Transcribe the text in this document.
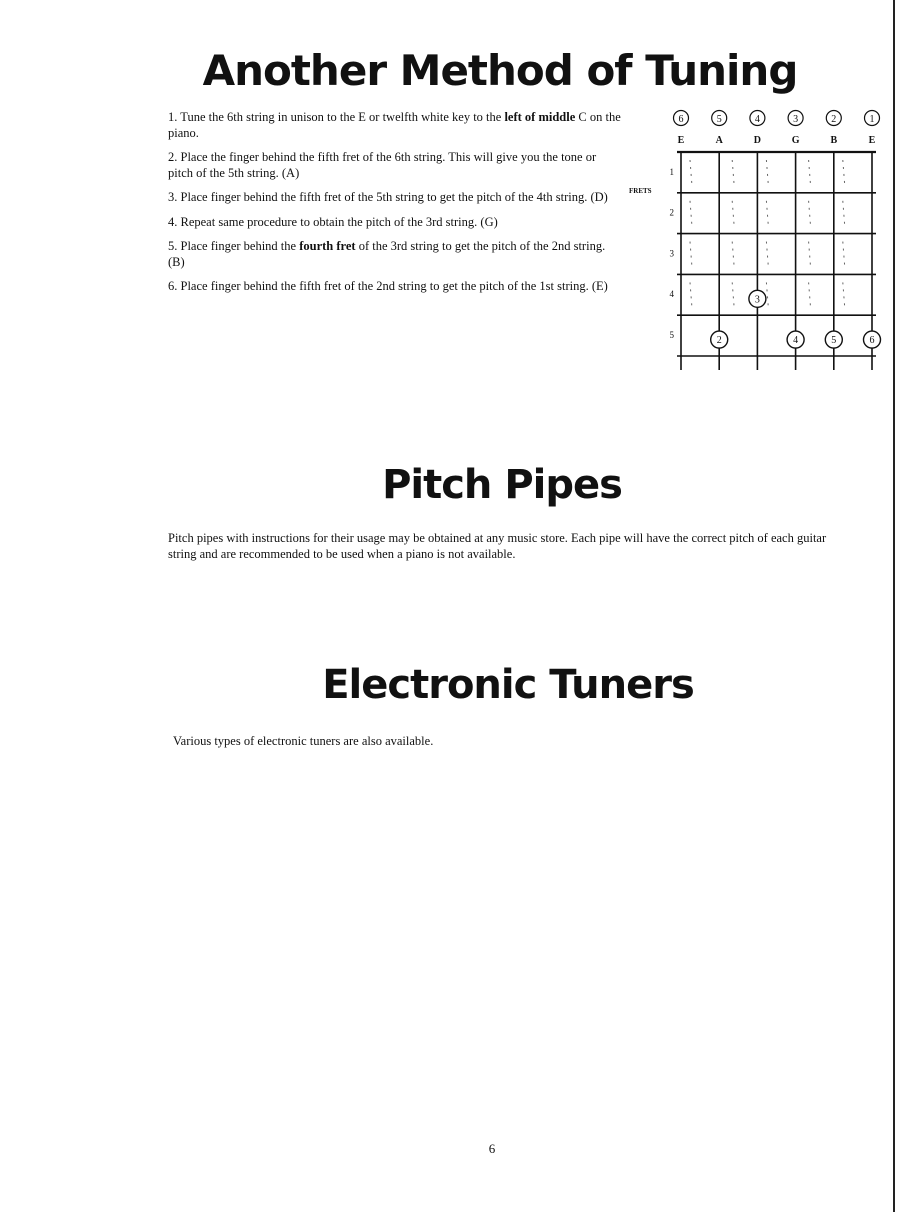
Another Method of Tuning
1. Tune the 6th string in unison to the E or twelfth white key to the left of middle C on the piano.
2. Place the finger behind the fifth fret of the 6th string. This will give you the tone or pitch of the 5th string. (A)
3. Place finger behind the fifth fret of the 5th string to get the pitch of the 4th string. (D)
4. Repeat same procedure to obtain the pitch of the 3rd string. (G)
5. Place finger behind the fourth fret of the 3rd string to get the pitch of the 2nd string. (B)
6. Place finger behind the fifth fret of the 2nd string to get the pitch of the 1st string. (E)
6
E
5
A
4
D
3
G
2
B
1
E
FRETS
1
2
3
4
5
3
6
5
4
2
Pitch Pipes

Pitch pipes with instructions for their usage may be obtained at any music store. Each pipe will have the correct pitch of each guitar string and are recommended to be used when a piano is not available.

Electronic Tuners

Various types of electronic tuners are also available.

6
